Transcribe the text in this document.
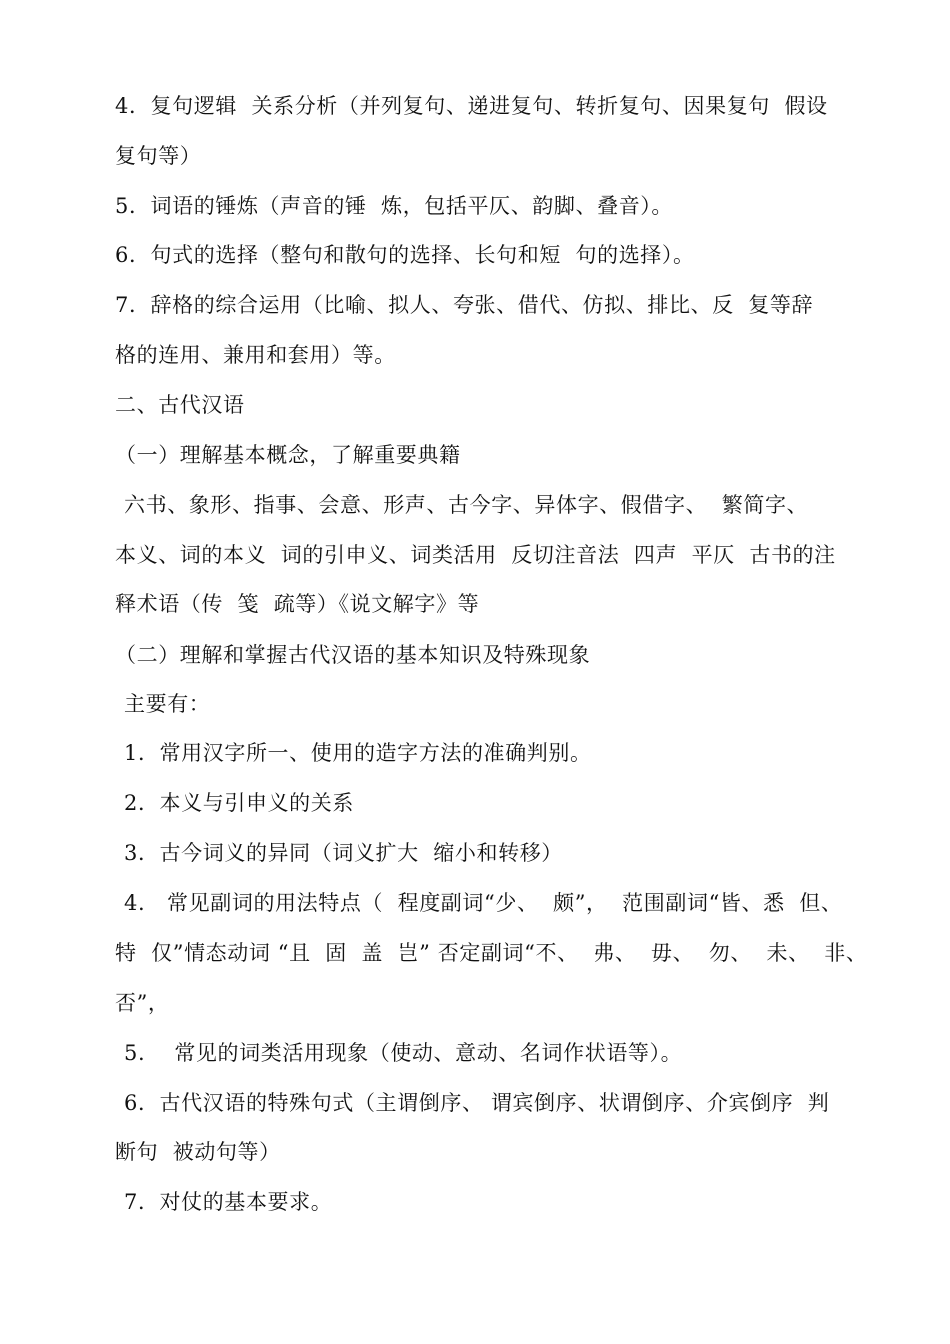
4．复句逻辑  关系分析（并列复句、递进复句、转折复句、因果复句  假设
复句等）
5．词语的锤炼（声音的锤  炼，包括平仄、韵脚、叠音）。
6．句式的选择（整句和散句的选择、长句和短  句的选择）。
7．辞格的综合运用（比喻、拟人、夸张、借代、仿拟、排比、反  复等辞
格的连用、兼用和套用）等。
二、古代汉语
（一）理解基本概念，了解重要典籍
六书、象形、指事、会意、形声、古今字、异体字、假借字、  繁简字、
本义、词的本义  词的引申义、词类活用  反切注音法  四声  平仄  古书的注
释术语（传  笺  疏等）《说文解字》等
（二）理解和掌握古代汉语的基本知识及特殊现象
主要有：
1．常用汉字所一、使用的造字方法的准确判别。
2．本义与引申义的关系
3．古今词义的异同（词义扩大  缩小和转移）
4.   常见副词的用法特点（  程度副词“少、  颇”，  范围副词“皆、悉  但、
特  仅”情态动词 “且  固  盖  岂” 否定副词“不、  弗、  毋、  勿、  未、  非、
否”，
5.    常见的词类活用现象（使动、意动、名词作状语等）。
6．古代汉语的特殊句式（主谓倒序、 谓宾倒序、状谓倒序、介宾倒序  判
断句  被动句等）
7．对仗的基本要求。
